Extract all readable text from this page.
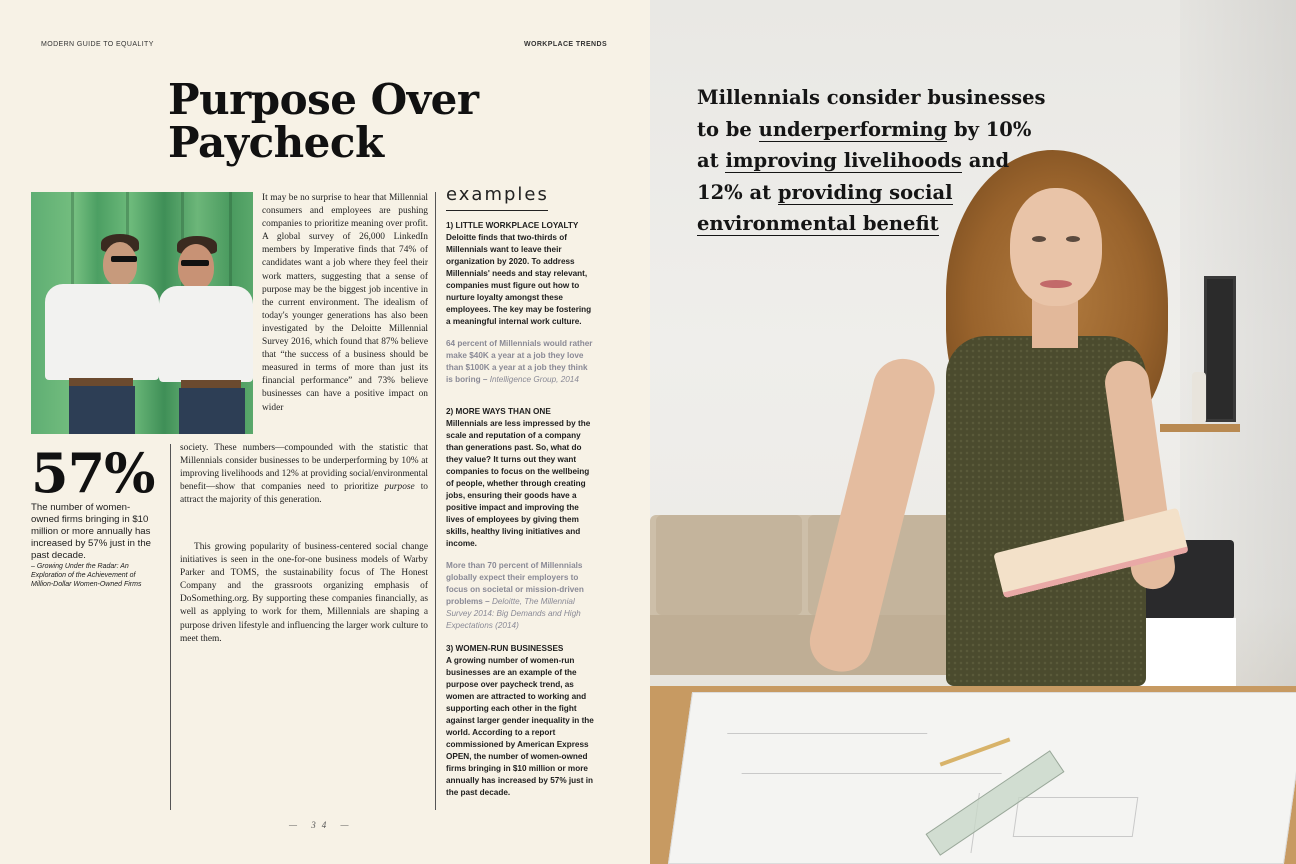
MODERN GUIDE TO EQUALITY	WORKPLACE TRENDS
Purpose Over Paycheck
57%
The number of women-owned firms bringing in $10 million or more annually has increased by 57% just in the past decade.
– Growing Under the Radar: An Exploration of the Achievement of Million-Dollar Women-Owned Firms

It may be no surprise to hear that Millennial consumers and employees are pushing companies to prioritize meaning over profit. A global survey of 26,000 LinkedIn members by Imperative finds that 74% of candidates want a job where they feel their work matters, suggesting that a sense of purpose may be the biggest job incentive in the current environment. The idealism of today's younger generations has also been investigated by the Deloitte Millennial Survey 2016, which found that 87% believe that “the success of a business should be measured in terms of more than just its financial performance” and 73% believe businesses can have a positive impact on wider

society. These numbers—compounded with the statistic that Millennials consider businesses to be underperforming by 10% at improving livelihoods and 12% at providing social/environmental benefit—show that companies need to prioritize purpose to attract the majority of this generation.

This growing popularity of business-centered social change initiatives is seen in the one-for-one business models of Warby Parker and TOMS, the sustainability focus of The Honest Company and the grassroots organizing emphasis of DoSomething.org. By supporting these companies financially, as well as applying to work for them, Millennials are shaping a purpose driven lifestyle and influencing the larger work culture to meet them.

examples
1) LITTLE WORKPLACE LOYALTY
Deloitte finds that two-thirds of Millennials want to leave their organization by 2020. To address Millennials' needs and stay relevant, companies must figure out how to nurture loyalty amongst these employees. The key may be fostering a meaningful internal work culture.
64 percent of Millennials would rather make $40K a year at a job they love than $100K a year at a job they think is boring – Intelligence Group, 2014
2) MORE WAYS THAN ONE
Millennials are less impressed by the scale and reputation of a company than generations past. So, what do they value? It turns out they want companies to focus on the wellbeing of people, whether through creating jobs, ensuring their goods have a positive impact and improving the lives of employees by giving them skills, healthy living initiatives and income.
More than 70 percent of Millennials globally expect their employers to focus on societal or mission-driven problems – Deloitte, The Millennial Survey 2014: Big Demands and High Expectations (2014)
3) WOMEN-RUN BUSINESSES
A growing number of women-run businesses are an example of the purpose over paycheck trend, as women are attracted to working and supporting each other in the fight against larger gender inequality in the world. According to a report commissioned by American Express OPEN, the number of women-owned firms bringing in $10 million or more annually has increased by 57% just in the past decade.
— 34 —
Millennials consider businesses to be underperforming by 10% at improving livelihoods and 12% at providing social environmental benefit
